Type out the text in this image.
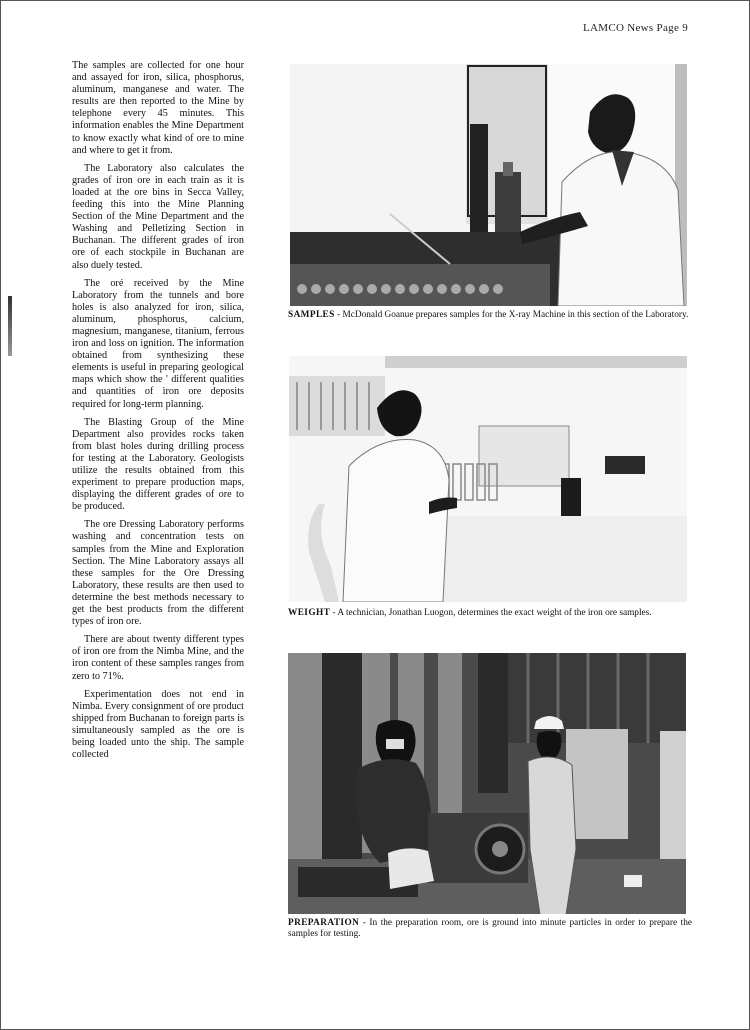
LAMCO News Page 9

The samples are collected for one hour and assayed for iron, silica, phosphorus, aluminum, manganese and water. The results are then reported to the Mine by telephone every 45 minutes. This information enables the Mine Department to know exactly what kind of ore to mine and where to get it from.

The Laboratory also calculates the grades of iron ore in each train as it is loaded at the ore bins in Secca Valley, feeding this into the Mine Planning Section of the Mine Department and the Washing and Pelletizing Section in Buchanan. The different grades of iron ore of each stockpile in Buchanan are also duely tested.

The oré received by the Mine Laboratory from the tunnels and bore holes is also analyzed for iron, silica, aluminum, phosphorus, calcium, magnesium, manganese, titanium, ferrous iron and loss on ignition. The information obtained from synthesizing these elements is useful in preparing geological maps which show the ' different qualities and quantities of iron ore deposits required for long-term planning.

The Blasting Group of the Mine Department also provides rocks taken from blast holes during drilling process for testing at the Laboratory. Geologists utilize the results obtained from this experiment to prepare production maps, displaying the different grades of ore to be produced.

The ore Dressing Laboratory performs washing and concentration tests on samples from the Mine and Exploration Section. The Mine Laboratory assays all these samples for the Ore Dressing Laboratory, these results are then used to determine the best methods necessary to get the best products from the different types of iron ore.

There are about twenty different types of iron ore from the Nimba Mine, and the iron content of these samples ranges from zero to 71%.

Experimentation does not end in Nimba. Every consignment of ore product shipped from Buchanan to foreign parts is simultaneously sampled as the ore is being loaded unto the ship. The sample collected

SAMPLES - McDonald Goanue prepares samples for the X-ray Machine in this section of the Laboratory.
WEIGHT - A technician, Jonathan Luogon, determines the exact weight of the iron ore samples.
PREPARATION - In the preparation room, ore is ground into minute particles in order to prepare the samples for testing.
